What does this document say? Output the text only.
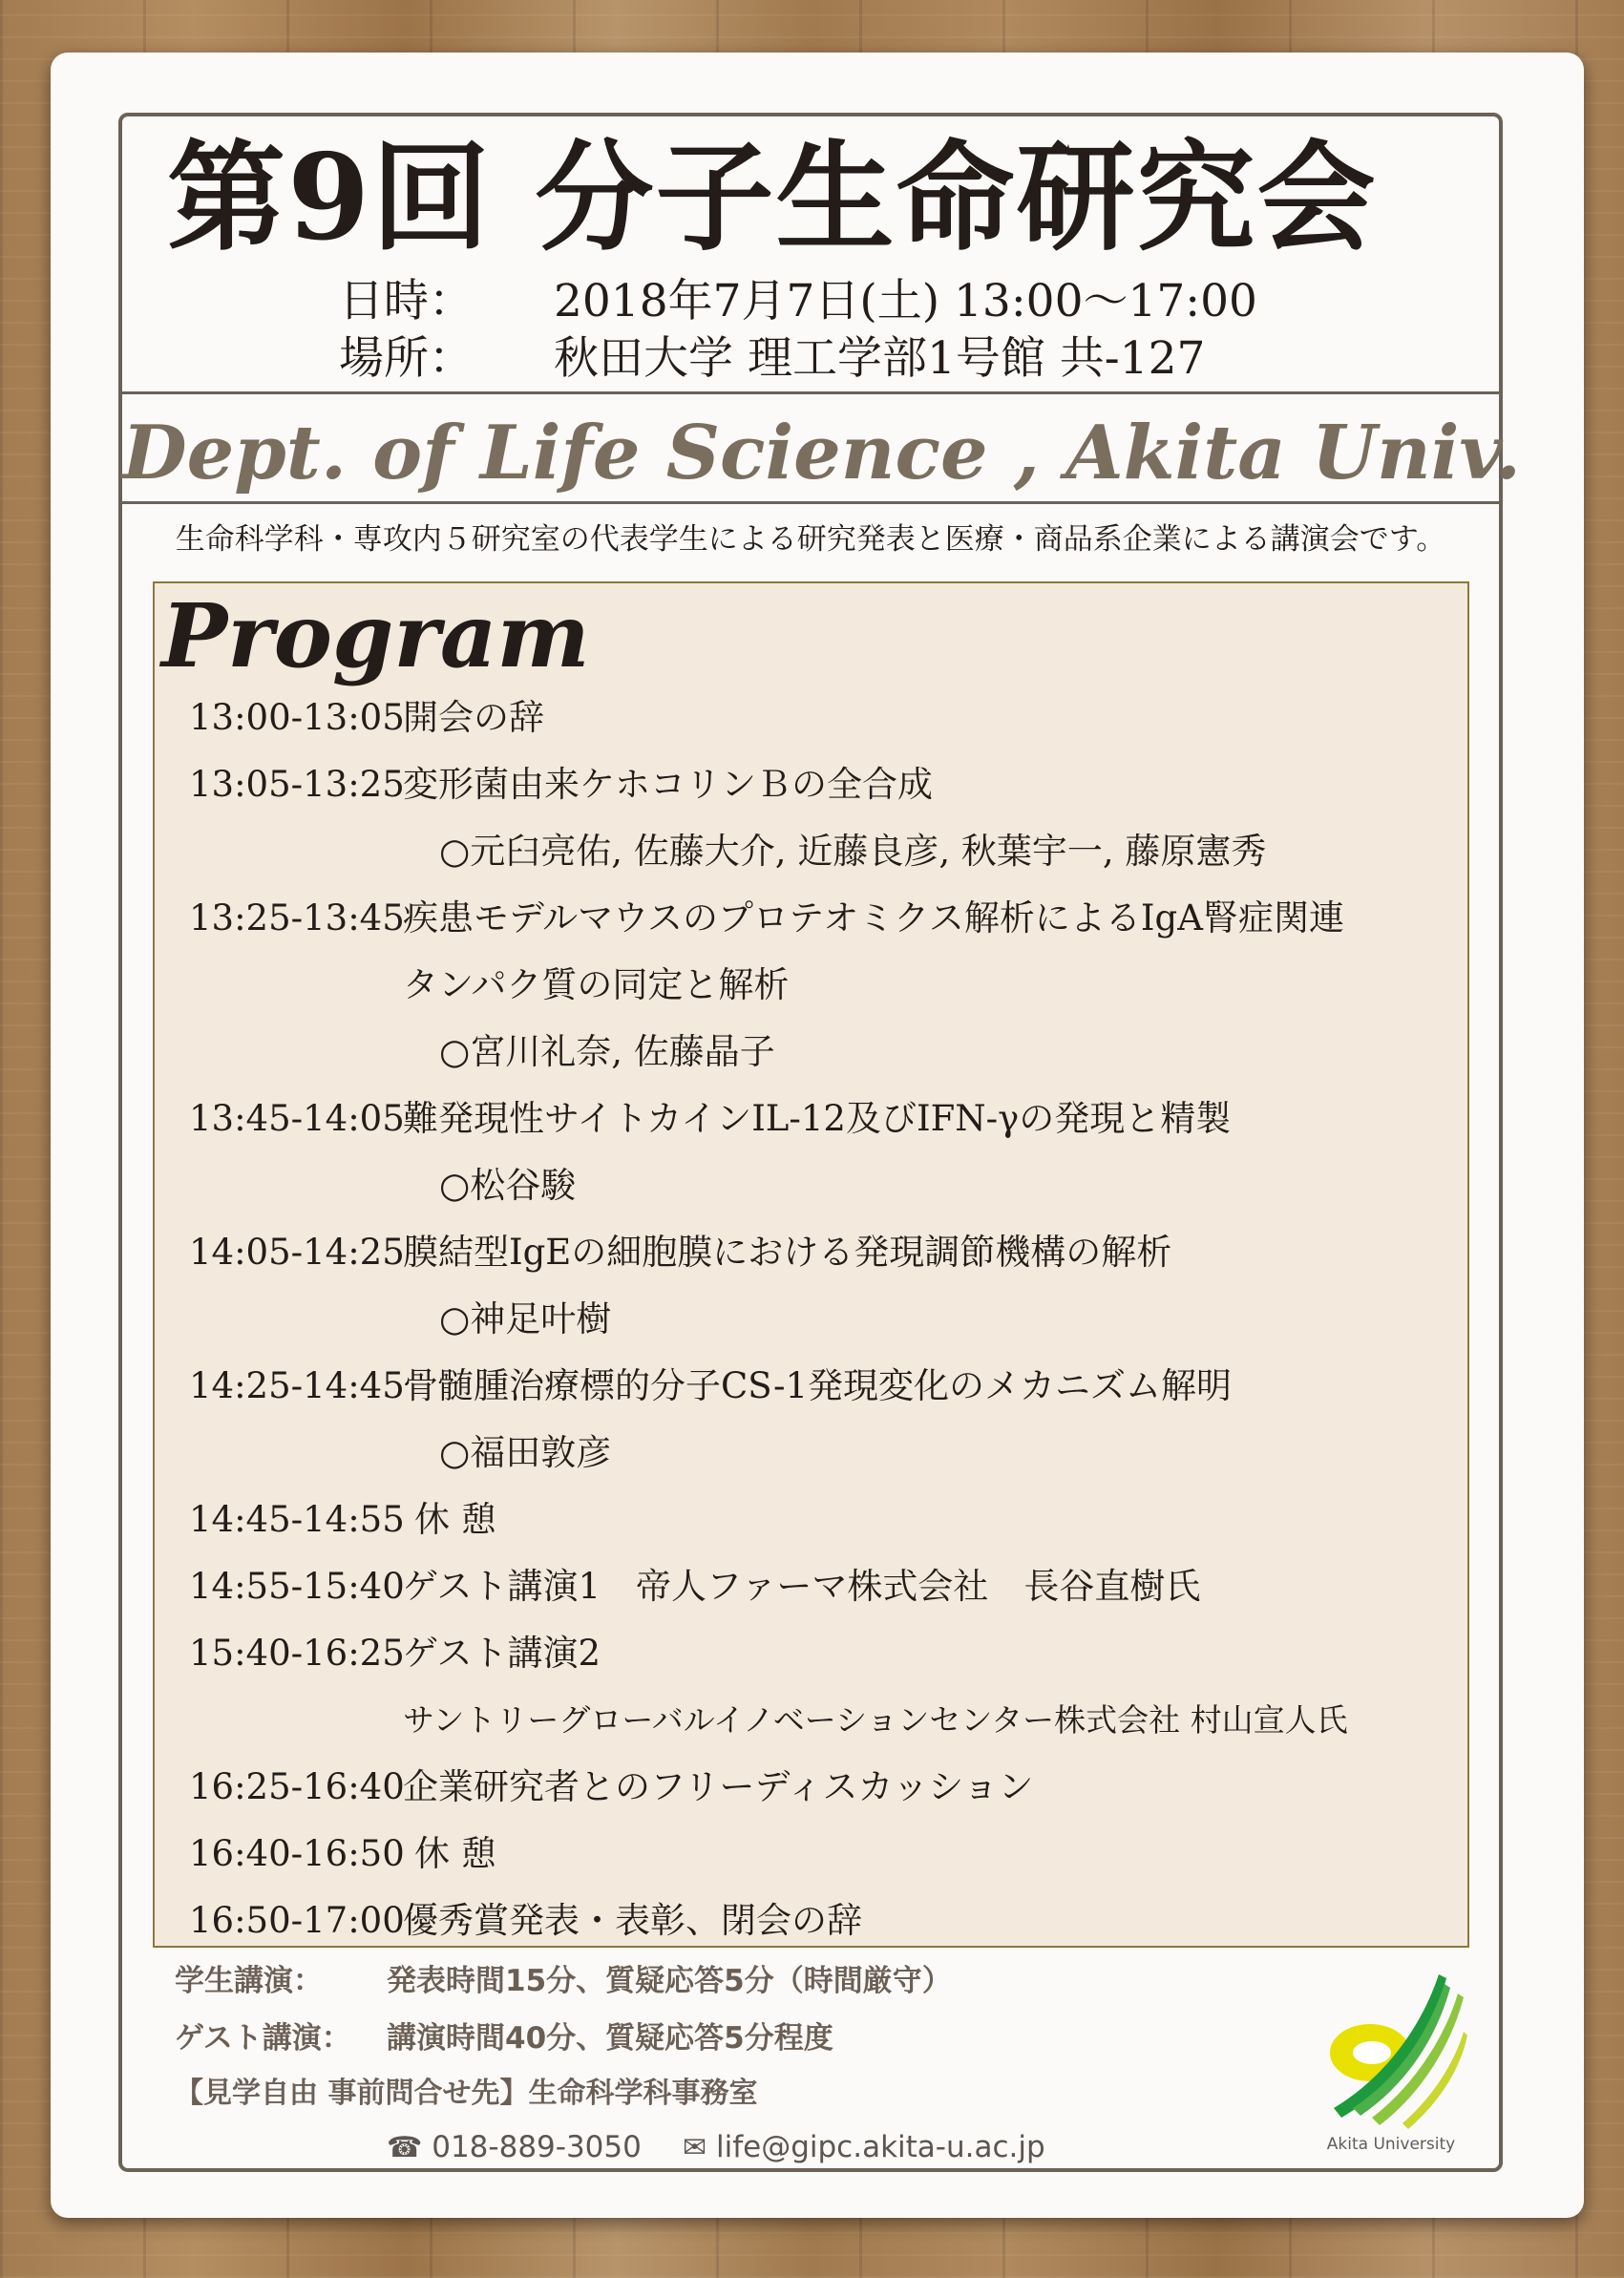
第9回 分子生命研究会
日時： 2018年7月7日(土) 13:00～17:00
場所： 秋田大学 理工学部1号館 共-127
Dept. of Life Science , Akita Univ.
生命科学科・専攻内５研究室の代表学生による研究発表と医療・商品系企業による講演会です。
Program
13:00-13:05
開会の辞
13:05-13:25
変形菌由来ケホコリンＢの全合成
○元臼亮佑, 佐藤大介, 近藤良彦, 秋葉宇一, 藤原憲秀
13:25-13:45
疾患モデルマウスのプロテオミクス解析によるIgA腎症関連
タンパク質の同定と解析
○宮川礼奈, 佐藤晶子
13:45-14:05
難発現性サイトカインIL-12及びIFN-γの発現と精製
○松谷駿
14:05-14:25
膜結型IgEの細胞膜における発現調節機構の解析
○神足叶樹
14:25-14:45
骨髄腫治療標的分子CS-1発現変化のメカニズム解明
○福田敦彦
14:45-14:55 休 憩
14:55-15:40
ゲスト講演1　帝人ファーマ株式会社　長谷直樹氏
15:40-16:25
ゲスト講演2
サントリーグローバルイノベーションセンター株式会社 村山宣人氏
16:25-16:40
企業研究者とのフリーディスカッション
16:40-16:50 休 憩
16:50-17:00
優秀賞発表・表彰、閉会の辞
学生講演： 発表時間15分、質疑応答5分（時間厳守）
ゲスト講演： 講演時間40分、質疑応答5分程度
【見学自由 事前問合せ先】生命科学科事務室
☎ 018-889-3050 ✉ life@gipc.akita-u.ac.jp	Akita University
